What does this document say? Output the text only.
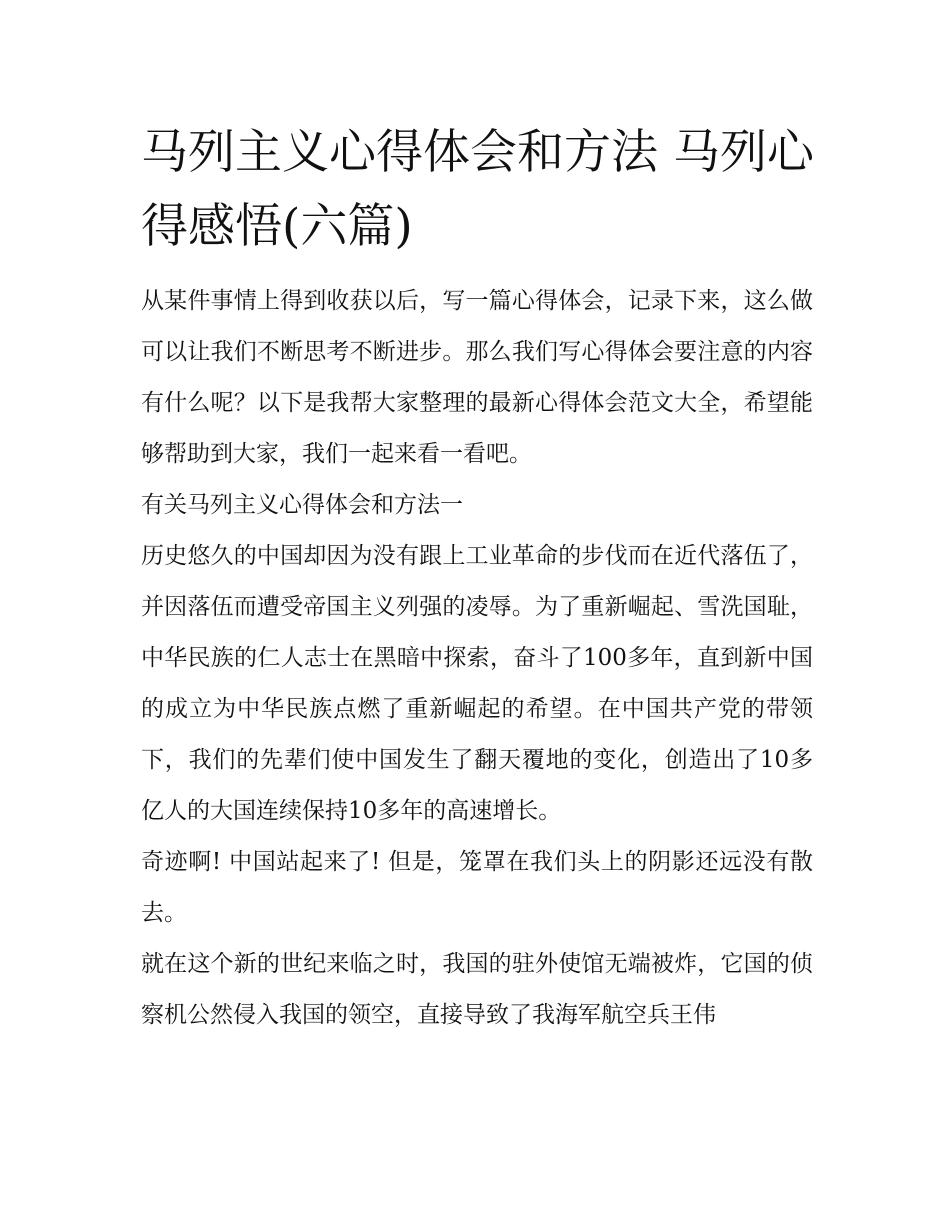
马列主义心得体会和方法 马列心得感悟(六篇)

从某件事情上得到收获以后，写一篇心得体会，记录下来，这么做可以让我们不断思考不断进步。那么我们写心得体会要注意的内容有什么呢？以下是我帮大家整理的最新心得体会范文大全，希望能够帮助到大家，我们一起来看一看吧。

有关马列主义心得体会和方法一

历史悠久的中国却因为没有跟上工业革命的步伐而在近代落伍了，并因落伍而遭受帝国主义列强的凌辱。为了重新崛起、雪洗国耻，中华民族的仁人志士在黑暗中探索，奋斗了100多年，直到新中国的成立为中华民族点燃了重新崛起的希望。在中国共产党的带领下，我们的先辈们使中国发生了翻天覆地的变化，创造出了10多亿人的大国连续保持10多年的高速增长。

奇迹啊! 中国站起来了! 但是，笼罩在我们头上的阴影还远没有散去。

就在这个新的世纪来临之时，我国的驻外使馆无端被炸，它国的侦察机公然侵入我国的领空，直接导致了我海军航空兵王伟
